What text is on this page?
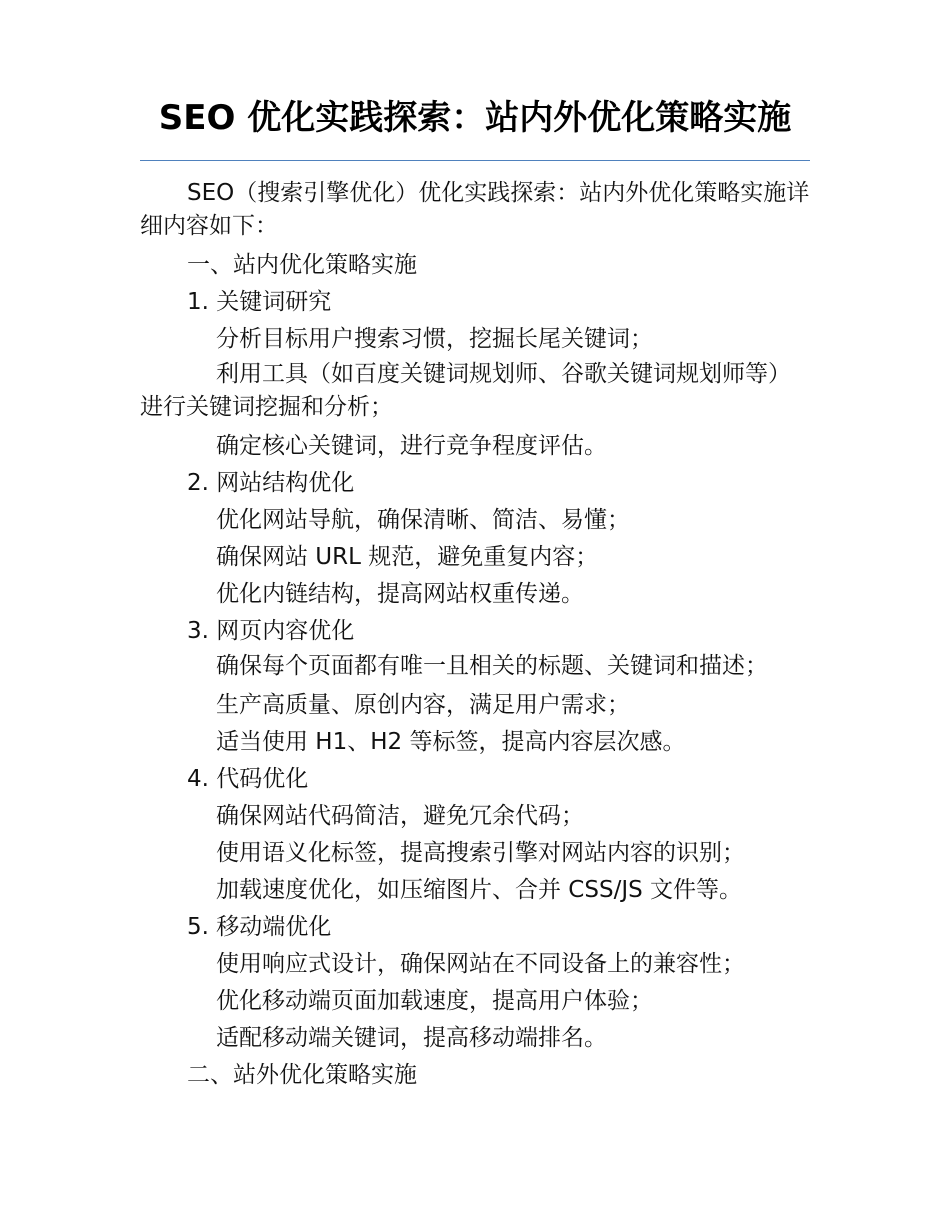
SEO 优化实践探索：站内外优化策略实施

SEO（搜索引擎优化）优化实践探索：站内外优化策略实施详细内容如下：

一、站内优化策略实施

1. 关键词研究

分析目标用户搜索习惯，挖掘长尾关键词；

利用工具（如百度关键词规划师、谷歌关键词规划师等）进行关键词挖掘和分析；

确定核心关键词，进行竞争程度评估。

2. 网站结构优化

优化网站导航，确保清晰、简洁、易懂；

确保网站 URL 规范，避免重复内容；

优化内链结构，提高网站权重传递。

3. 网页内容优化

确保每个页面都有唯一且相关的标题、关键词和描述；

生产高质量、原创内容，满足用户需求；

适当使用 H1、H2 等标签，提高内容层次感。

4. 代码优化

确保网站代码简洁，避免冗余代码；

使用语义化标签，提高搜索引擎对网站内容的识别；

加载速度优化，如压缩图片、合并 CSS/JS 文件等。

5. 移动端优化

使用响应式设计，确保网站在不同设备上的兼容性；

优化移动端页面加载速度，提高用户体验；

适配移动端关键词，提高移动端排名。

二、站外优化策略实施
